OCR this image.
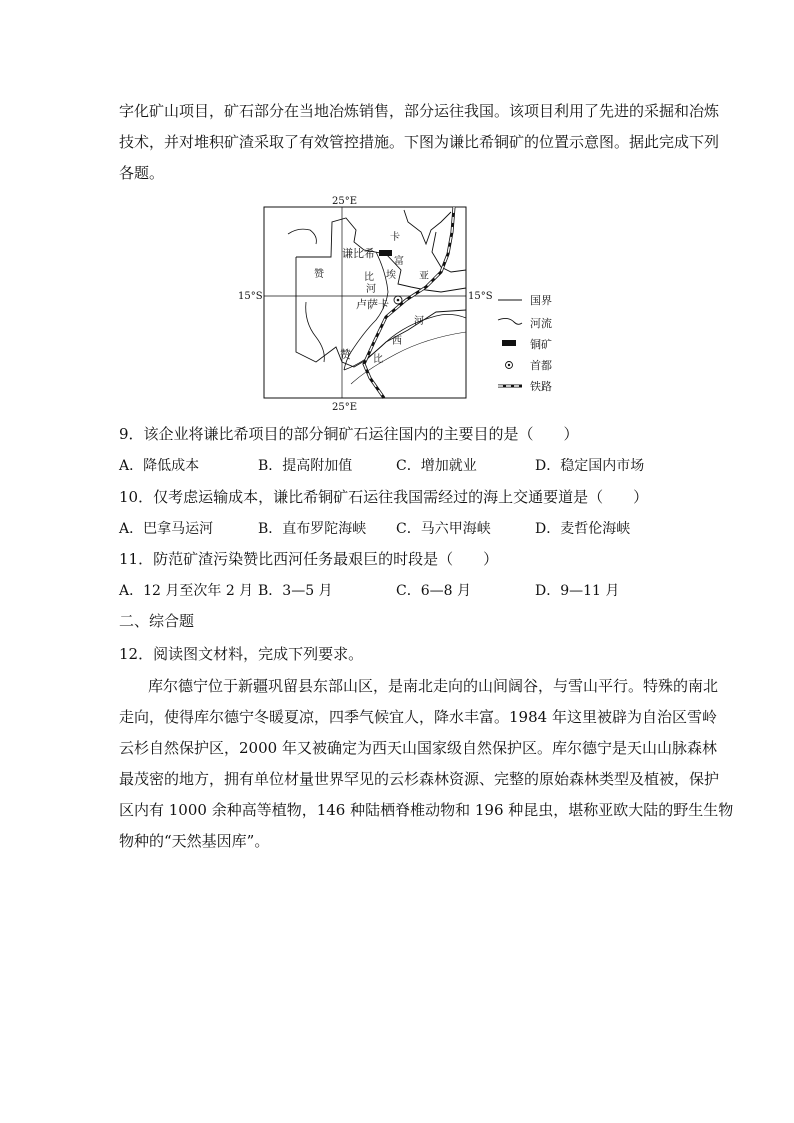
字化矿山项目，矿石部分在当地冶炼销售，部分运往我国。该项目利用了先进的采掘和冶炼
技术，并对堆积矿渣采取了有效管控措施。下图为谦比希铜矿的位置示意图。据此完成下列
各题。
25°E
25°E
15°S	15°S
谦比希
卢萨卡
赞	比	亚
卡
富
埃
河
赞 比
西
河
国界
河流
铜矿
首都
铁路
9．该企业将谦比希项目的部分铜矿石运往国内的主要目的是（　　）
A．降低成本	B．提高附加值	C．增加就业	D．稳定国内市场
10．仅考虑运输成本，谦比希铜矿石运往我国需经过的海上交通要道是（　　）
A．巴拿马运河	B．直布罗陀海峡 C．马六甲海峡	D．麦哲伦海峡
11．防范矿渣污染赞比西河任务最艰巨的时段是（　　）
A．12 月至次年 2 月 B．3—5 月	C．6—8 月	D．9—11 月
二、综合题
12．阅读图文材料，完成下列要求。
库尔德宁位于新疆巩留县东部山区，是南北走向的山间阔谷，与雪山平行。特殊的南北
走向，使得库尔德宁冬暖夏凉，四季气候宜人，降水丰富。1984 年这里被辟为自治区雪岭
云杉自然保护区，2000 年又被确定为西天山国家级自然保护区。库尔德宁是天山山脉森林
最茂密的地方，拥有单位材量世界罕见的云杉森林资源、完整的原始森林类型及植被，保护
区内有 1000 余种高等植物，146 种陆栖脊椎动物和 196 种昆虫，堪称亚欧大陆的野生生物
物种的“天然基因库”。
